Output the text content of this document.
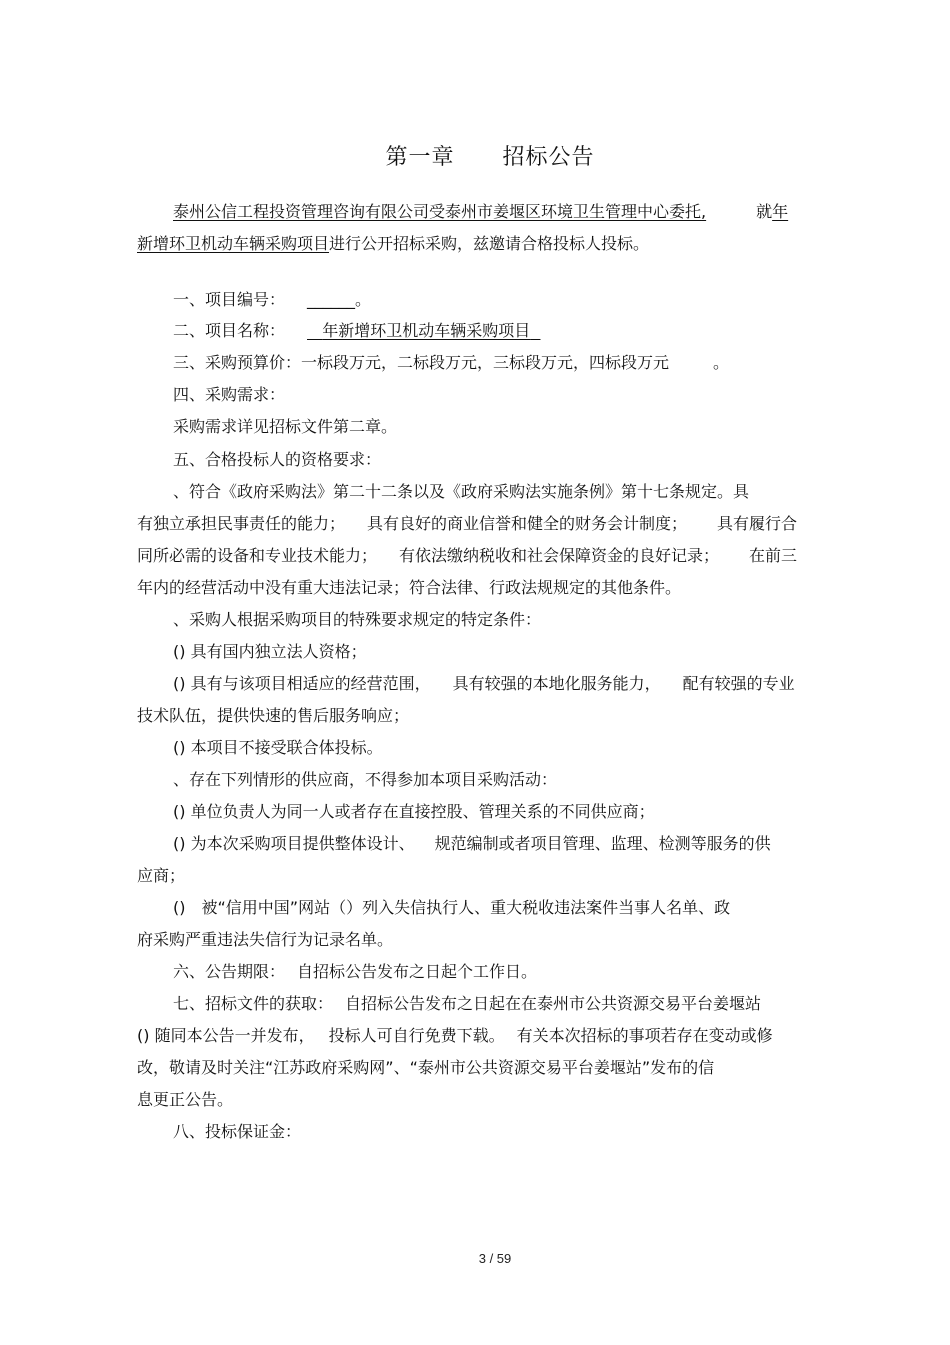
第一章 招标公告
泰州公信工程投资管理咨询有限公司受泰州市姜堰区环境卫生管理中心委托,	就年
新增环卫机动车辆采购项目进行公开招标采购，兹邀请合格投标人投标。
一、项目编号： ______。
二、项目名称： 年新增环卫机动车辆采购项目
三、采购预算价：一标段万元，二标段万元，三标段万元，四标段万元	。
四、采购需求：
采购需求详见招标文件第二章。
五、合格投标人的资格要求：
、符合《政府采购法》第二十二条以及《政府采购法实施条例》第十七条规定。具
有独立承担民事责任的能力； 具有良好的商业信誉和健全的财务会计制度； 具有履行合
同所必需的设备和专业技术能力； 有依法缴纳税收和社会保障资金的良好记录； 在前三
年内的经营活动中没有重大违法记录；符合法律、行政法规规定的其他条件。
、采购人根据采购项目的特殊要求规定的特定条件：
() 具有国内独立法人资格；
() 具有与该项目相适应的经营范围， 具有较强的本地化服务能力， 配有较强的专业
技术队伍，提供快速的售后服务响应；
() 本项目不接受联合体投标。
、存在下列情形的供应商，不得参加本项目采购活动：
() 单位负责人为同一人或者存在直接控股、管理关系的不同供应商；
() 为本次采购项目提供整体设计、 规范编制或者项目管理、监理、检测等服务的供
应商；
()　被“信用中国”网站（）列入失信执行人、重大税收违法案件当事人名单、政
府采购严重违法失信行为记录名单。
六、公告期限： 自招标公告发布之日起个工作日。
七、招标文件的获取： 自招标公告发布之日起在在泰州市公共资源交易平台姜堰站
() 随同本公告一并发布， 投标人可自行免费下载。 有关本次招标的事项若存在变动或修
改，敬请及时关注“江苏政府采购网”、“泰州市公共资源交易平台姜堰站”发布的信
息更正公告。
八、投标保证金：
3 / 59
